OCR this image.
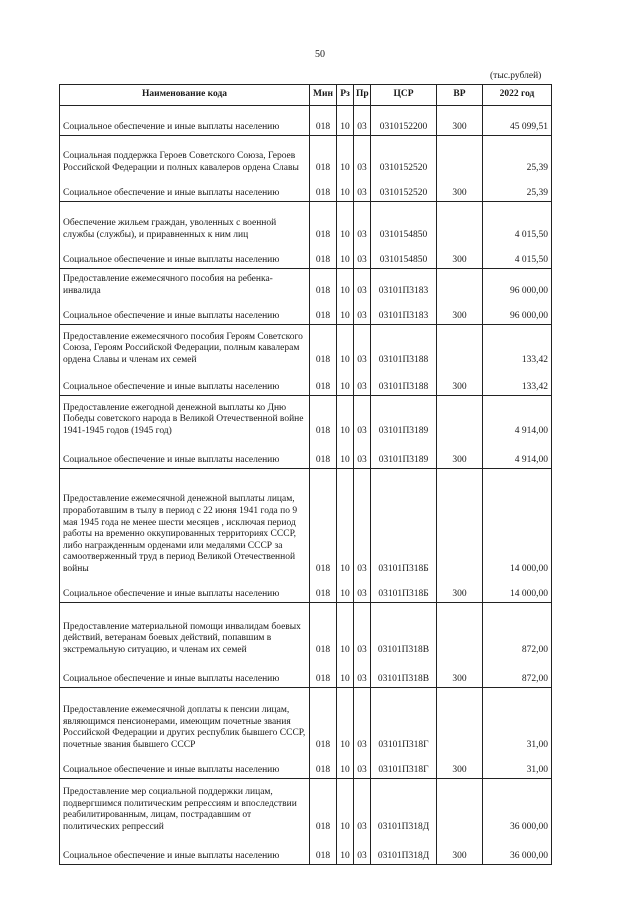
50
(тыс.рублей)
Наименование кода	Мин	Рз	Пр	ЦСР	ВР	2022 год
Социальное обеспечение и иные выплаты населению	018	10	03	0310152200	300	45 099,51
Социальная поддержка Героев Советского Союза, Героев Российской Федерации и полных кавалеров ордена Славы	018	10	03	0310152520		25,39
Социальное обеспечение и иные выплаты населению	018	10	03	0310152520	300	25,39
Обеспечение жильем граждан, уволенных с военной службы (службы), и приравненных к ним лиц	018	10	03	0310154850		4 015,50
Социальное обеспечение и иные выплаты населению	018	10	03	0310154850	300	4 015,50
Предоставление ежемесячного пособия на ребенка-инвалида	018	10	03	03101П3183		96 000,00
Социальное обеспечение и иные выплаты населению	018	10	03	03101П3183	300	96 000,00
Предоставление ежемесячного пособия Героям Советского Союза, Героям Российской Федерации, полным кавалерам ордена Славы и членам их семей	018	10	03	03101П3188		133,42
Социальное обеспечение и иные выплаты населению	018	10	03	03101П3188	300	133,42
Предоставление ежегодной денежной выплаты ко Дню Победы советского народа в Великой Отечественной войне 1941-1945 годов (1945 год)	018	10	03	03101П3189		4 914,00
Социальное обеспечение и иные выплаты населению	018	10	03	03101П3189	300	4 914,00
Предоставление ежемесячной денежной выплаты лицам, проработавшим в тылу в период с 22 июня 1941 года по 9 мая 1945 года не менее шести месяцев , исключая период работы на временно оккупированных территориях СССР, либо награжденным орденами или медалями СССР за самоотверженный труд в период Великой Отечественной войны	018	10	03	03101П318Б		14 000,00
Социальное обеспечение и иные выплаты населению	018	10	03	03101П318Б	300	14 000,00
Предоставление материальной помощи инвалидам боевых действий, ветеранам боевых действий, попавшим в экстремальную ситуацию, и членам их семей	018	10	03	03101П318В		872,00
Социальное обеспечение и иные выплаты населению	018	10	03	03101П318В	300	872,00
Предоставление ежемесячной доплаты к пенсии лицам, являющимся пенсионерами, имеющим почетные звания Российской Федерации и других республик бывшего СССР, почетные звания бывшего СССР	018	10	03	03101П318Г		31,00
Социальное обеспечение и иные выплаты населению	018	10	03	03101П318Г	300	31,00
Предоставление мер социальной поддержки лицам, подвергшимся политическим репрессиям и впоследствии реабилитированным, лицам, пострадавшим от политических репрессий	018	10	03	03101П318Д		36 000,00
Социальное обеспечение и иные выплаты населению	018	10	03	03101П318Д	300	36 000,00
